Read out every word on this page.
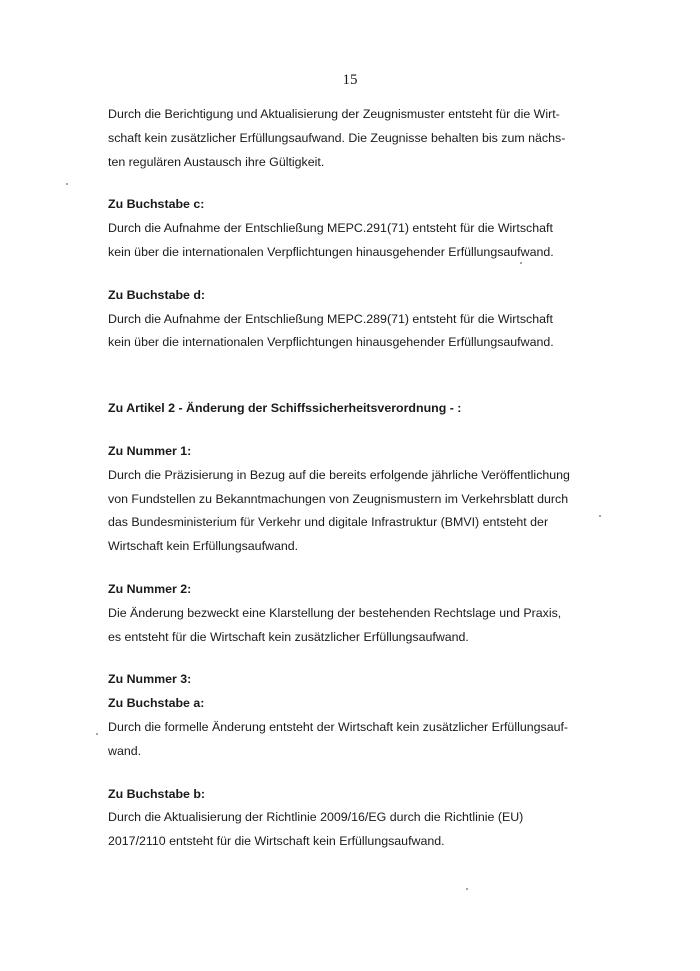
15

Durch die Berichtigung und Aktualisierung der Zeugnismuster entsteht für die Wirt-
schaft kein zusätzlicher Erfüllungsaufwand. Die Zeugnisse behalten bis zum nächs-
ten regulären Austausch ihre Gültigkeit.

Zu Buchstabe c:

Durch die Aufnahme der Entschließung MEPC.291(71) entsteht für die Wirtschaft
kein über die internationalen Verpflichtungen hinausgehender Erfüllungsaufwand.

Zu Buchstabe d:

Durch die Aufnahme der Entschließung MEPC.289(71) entsteht für die Wirtschaft
kein über die internationalen Verpflichtungen hinausgehender Erfüllungsaufwand.

Zu Artikel 2 - Änderung der Schiffssicherheitsverordnung - :

Zu Nummer 1:

Durch die Präzisierung in Bezug auf die bereits erfolgende jährliche Veröffentlichung
von Fundstellen zu Bekanntmachungen von Zeugnismustern im Verkehrsblatt durch
das Bundesministerium für Verkehr und digitale Infrastruktur (BMVI) entsteht der
Wirtschaft kein Erfüllungsaufwand.

Zu Nummer 2:

Die Änderung bezweckt eine Klarstellung der bestehenden Rechtslage und Praxis,
es entsteht für die Wirtschaft kein zusätzlicher Erfüllungsaufwand.

Zu Nummer 3:

Zu Buchstabe a:

Durch die formelle Änderung entsteht der Wirtschaft kein zusätzlicher Erfüllungsauf-
wand.

Zu Buchstabe b:

Durch die Aktualisierung der Richtlinie 2009/16/EG durch die Richtlinie (EU)
2017/2110 entsteht für die Wirtschaft kein Erfüllungsaufwand.
